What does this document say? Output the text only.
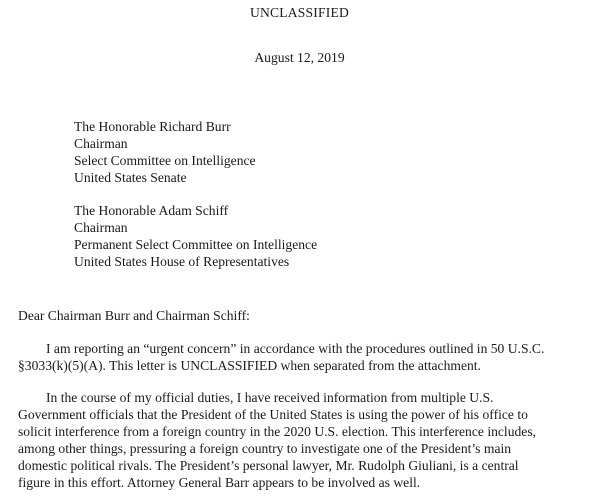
UNCLASSIFIED
August 12, 2019
The Honorable Richard Burr
Chairman
Select Committee on Intelligence
United States Senate
The Honorable Adam Schiff
Chairman
Permanent Select Committee on Intelligence
United States House of Representatives
Dear Chairman Burr and Chairman Schiff:
I am reporting an “urgent concern” in accordance with the procedures outlined in 50 U.S.C.
§3033(k)(5)(A). This letter is UNCLASSIFIED when separated from the attachment.
In the course of my official duties, I have received information from multiple U.S.
Government officials that the President of the United States is using the power of his office to
solicit interference from a foreign country in the 2020 U.S. election. This interference includes,
among other things, pressuring a foreign country to investigate one of the President’s main
domestic political rivals. The President’s personal lawyer, Mr. Rudolph Giuliani, is a central
figure in this effort. Attorney General Barr appears to be involved as well.
